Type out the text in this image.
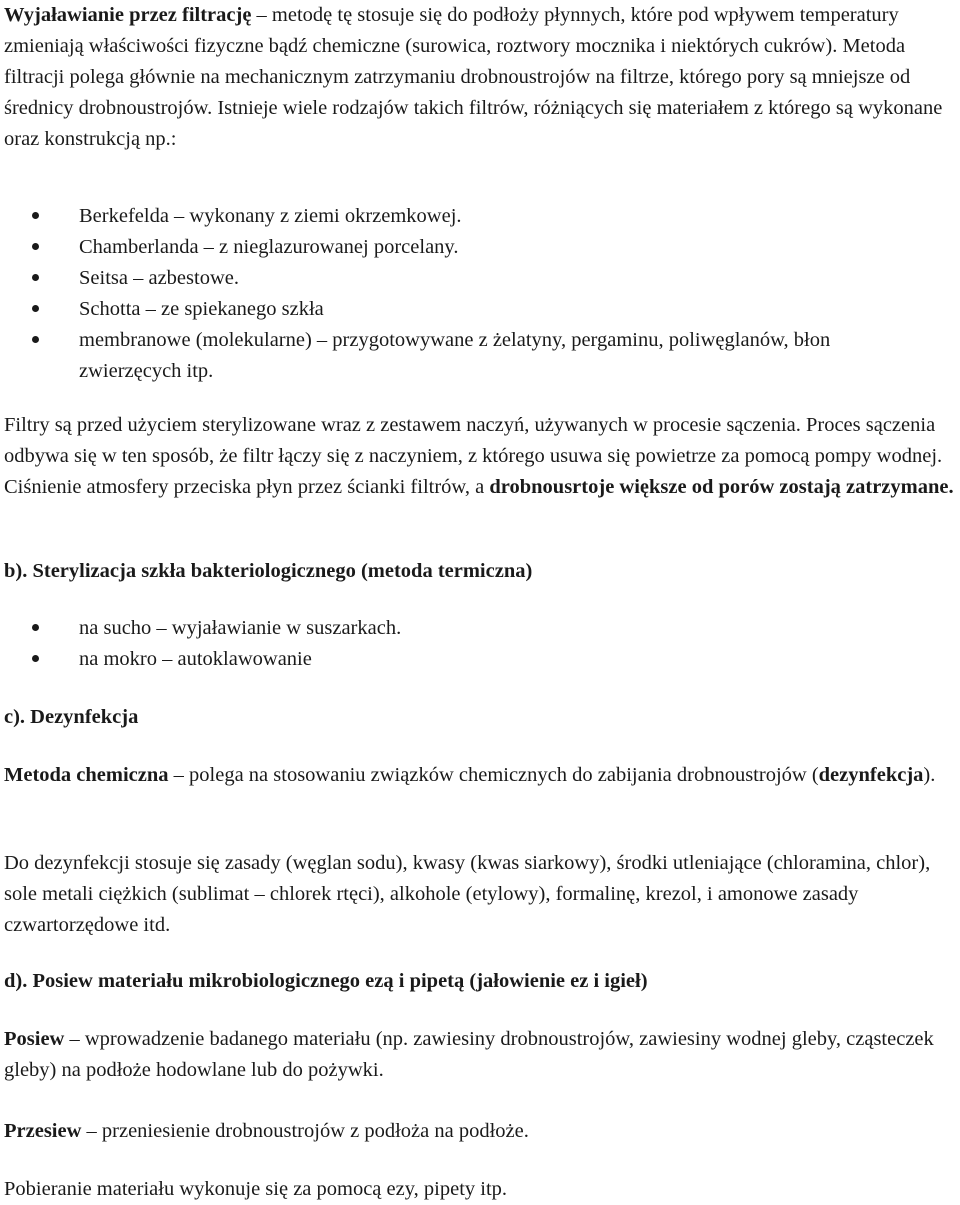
Wyjaławianie przez filtrację – metodę tę stosuje się do podłoży płynnych, które pod wpływem temperatury zmieniają właściwości fizyczne bądź chemiczne (surowica, roztwory mocznika i niektórych cukrów). Metoda filtracji polega głównie na mechanicznym zatrzymaniu drobnoustrojów na filtrze, którego pory są mniejsze od średnicy drobnoustrojów. Istnieje wiele rodzajów takich filtrów, różniących się materiałem z którego są wykonane oraz konstrukcją np.:

Berkefelda – wykonany z ziemi okrzemkowej.
Chamberlanda – z nieglazurowanej porcelany.
Seitsa – azbestowe.
Schotta – ze spiekanego szkła
membranowe (molekularne) – przygotowywane z żelatyny, pergaminu, poliwęglanów, błon zwierzęcych itp.

Filtry są przed użyciem sterylizowane wraz z zestawem naczyń, używanych w procesie sączenia. Proces sączenia odbywa się w ten sposób, że filtr łączy się z naczyniem, z którego usuwa się powietrze za pomocą pompy wodnej. Ciśnienie atmosfery przeciska płyn przez ścianki filtrów, a drobnousrtoje większe od porów zostają zatrzymane.

b). Sterylizacja szkła bakteriologicznego (metoda termiczna)

na sucho – wyjaławianie w suszarkach.
na mokro – autoklawowanie

c). Dezynfekcja

Metoda chemiczna – polega na stosowaniu związków chemicznych do zabijania drobnoustrojów (dezynfekcja).

Do dezynfekcji stosuje się zasady (węglan sodu), kwasy (kwas siarkowy), środki utleniające (chloramina, chlor), sole metali ciężkich (sublimat – chlorek rtęci), alkohole (etylowy), formalinę, krezol, i amonowe zasady czwartorzędowe itd.

d). Posiew materiału mikrobiologicznego ezą i pipetą (jałowienie ez i igieł)

Posiew – wprowadzenie badanego materiału (np. zawiesiny drobnoustrojów, zawiesiny wodnej gleby, cząsteczek gleby) na podłoże hodowlane lub do pożywki.

Przesiew – przeniesienie drobnoustrojów z podłoża na podłoże.

Pobieranie materiału wykonuje się za pomocą ezy, pipety itp.
